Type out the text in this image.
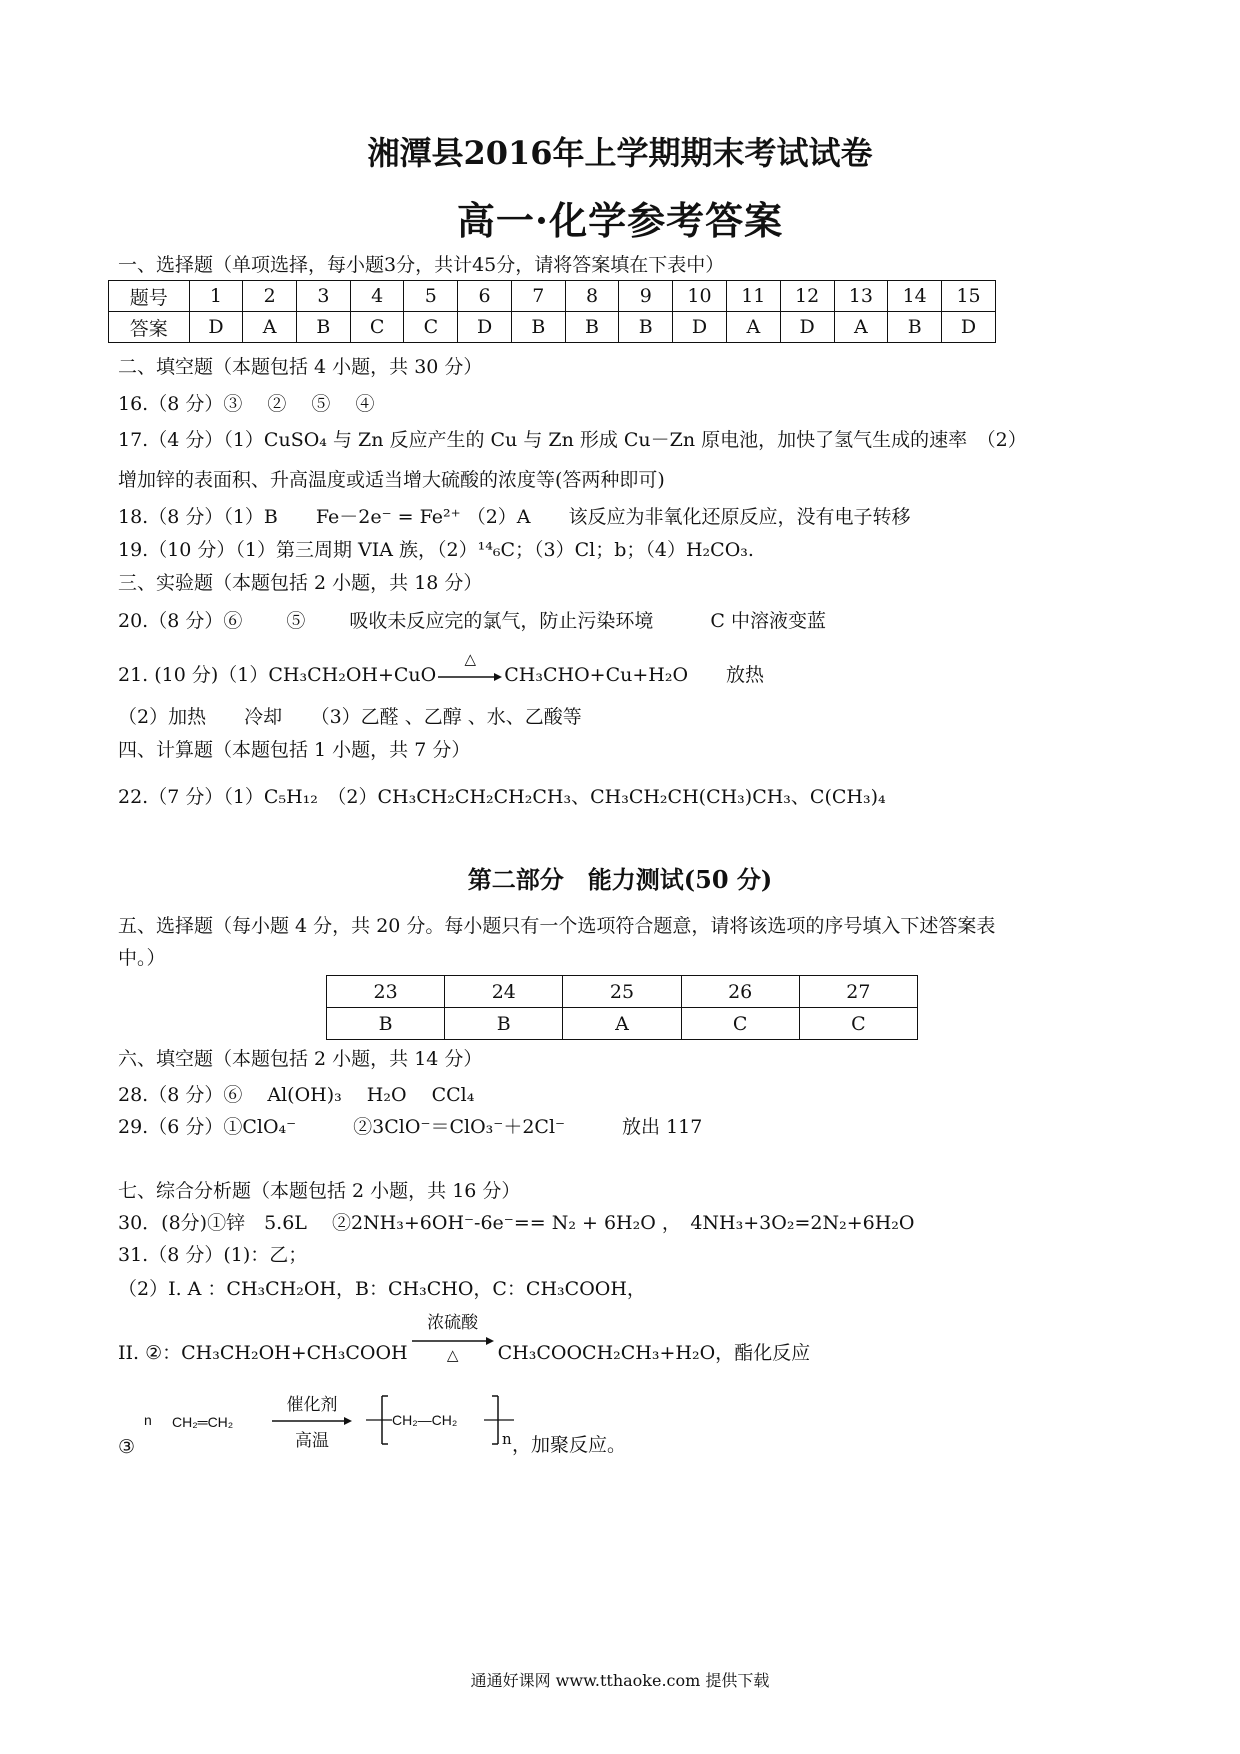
湘潭县2016年上学期期末考试试卷
高一·化学参考答案
一、选择题（单项选择，每小题3分，共计45分，请将答案填在下表中）
题号	1	2	3	4	5	6	7	8	9	10	11	12	13	14	15
答案	D	A	B	C	C	D	B	B	B	D	A	D	A	B	D
二、填空题（本题包括 4 小题，共 30 分）
16.（8 分）③　 ②　 ⑤　 ④
17.（4 分）（1）CuSO₄ 与 Zn 反应产生的 Cu 与 Zn 形成 Cu－Zn 原电池，加快了氢气生成的速率　（2）
增加锌的表面积、升高温度或适当增大硫酸的浓度等(答两种即可)
18.（8 分）（1）B　　Fe－2e⁻ = Fe²⁺ （2）A　　该反应为非氧化还原反应，没有电子转移
19.（10 分）（1）第三周期 VIA 族，（2）¹⁴₆C；（3）Cl；b；（4）H₂CO₃.
三、实验题（本题包括 2 小题，共 18 分）
20.（8 分）⑥　　 ⑤　　 吸收未反应完的氯气，防止污染环境　　　C 中溶液变蓝
21. (10 分)（1）CH₃CH₂OH+CuO
△
CH₃CHO+Cu+H₂O　　放热
（2）加热　　冷却　　（3）乙醛 、乙醇 、水、乙酸等
四、计算题（本题包括 1 小题，共 7 分）
22.（7 分）（1）C₅H₁₂　（2）CH₃CH₂CH₂CH₂CH₃、CH₃CH₂CH(CH₃)CH₃、C(CH₃)₄
第二部分　能力测试(50 分)
五、选择题（每小题 4 分，共 20 分。每小题只有一个选项符合题意，请将该选项的序号填入下述答案表
中。）
23	24	25	26	27
B	B	A	C	C
六、填空题（本题包括 2 小题，共 14 分）
28.（8 分）⑥　 Al(OH)₃　 H₂O　 CCl₄
29.（6 分）①ClO₄⁻　　　②3ClO⁻＝ClO₃⁻＋2Cl⁻　　　放出 117
七、综合分析题（本题包括 2 小题，共 16 分）
30．(8分)①锌　5.6L　 ②2NH₃+6OH⁻-6e⁻== N₂ + 6H₂O ，　4NH₃+3O₂=2N₂+6H₂O
31.（8 分）(1)：乙；
（2）I. A ：CH₃CH₂OH，B：CH₃CHO，C：CH₃COOH，
II. ②：CH₃CH₂OH+CH₃COOH
浓硫酸
△	CH₃COOCH₂CH₃+H₂O，酯化反应
③
n CH₂═CH₂
催化剂
高温
CH₂—CH₂
n ，加聚反应。
通通好课网 www.tthaoke.com 提供下载
